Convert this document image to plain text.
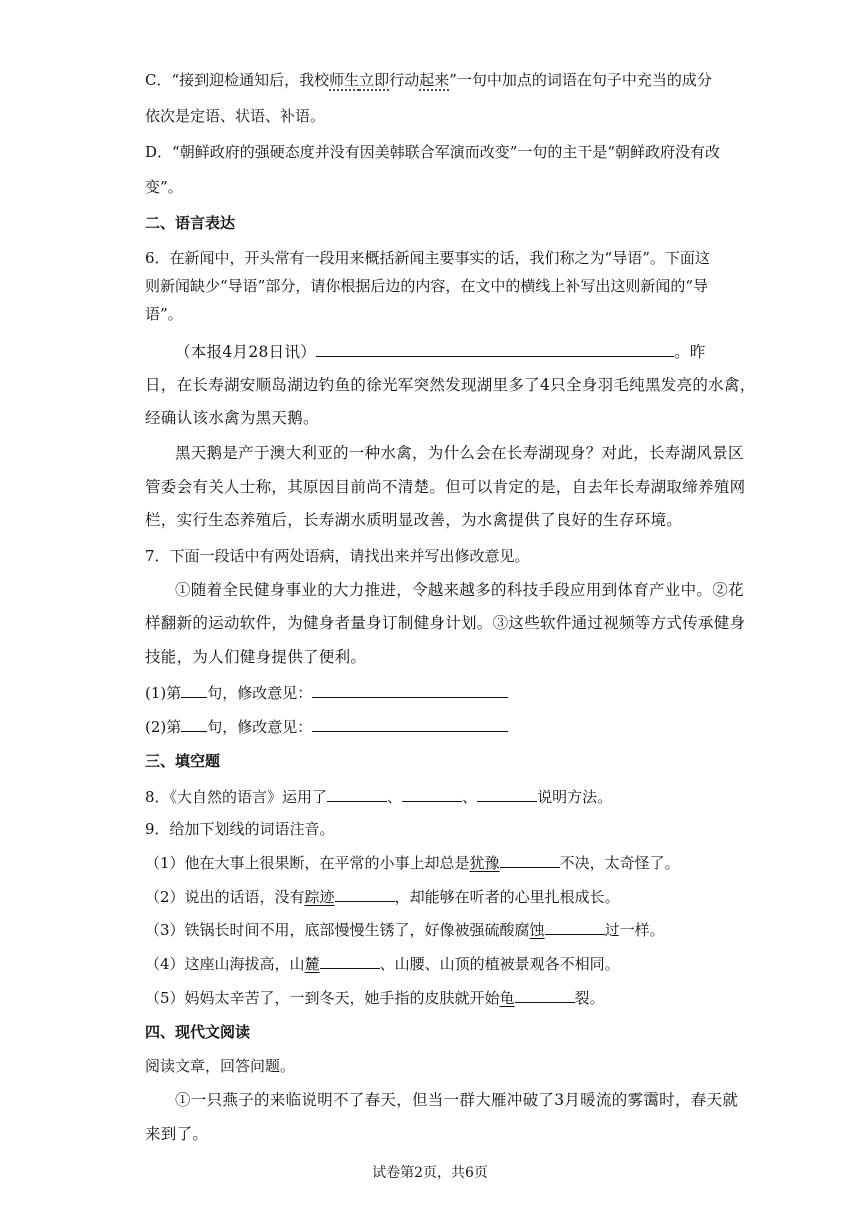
C．“接到迎检通知后，我校师生立即行动起来”一句中加点的词语在句子中充当的成分
依次是定语、状语、补语。
D．“朝鲜政府的强硬态度并没有因美韩联合军演而改变”一句的主干是“朝鲜政府没有改
变”。
二、语言表达
6．在新闻中，开头常有一段用来概括新闻主要事实的话，我们称之为“导语”。下面这
则新闻缺少“导语”部分，请你根据后边的内容，在文中的横线上补写出这则新闻的“导
语”。
（本报4月28日讯）	。昨
日，在长寿湖安顺岛湖边钓鱼的徐光军突然发现湖里多了4只全身羽毛纯黑发亮的水禽，
经确认该水禽为黑天鹅。
黑天鹅是产于澳大利亚的一种水禽，为什么会在长寿湖现身？对此，长寿湖风景区
管委会有关人士称，其原因目前尚不清楚。但可以肯定的是，自去年长寿湖取缔养殖网
栏，实行生态养殖后，长寿湖水质明显改善，为水禽提供了良好的生存环境。
7．下面一段话中有两处语病，请找出来并写出修改意见。
①随着全民健身事业的大力推进，令越来越多的科技手段应用到体育产业中。②花
样翻新的运动软件，为健身者量身订制健身计划。③这些软件通过视频等方式传承健身
技能，为人们健身提供了便利。
(1)第 句，修改意见：
(2)第 句，修改意见：
三、填空题
8．《大自然的语言》运用了	、	、	说明方法。
9．给加下划线的词语注音。
（1）他在大事上很果断，在平常的小事上却总是犹豫	不决，太奇怪了。
（2）说出的话语，没有踪迹	，却能够在听者的心里扎根成长。
（3）铁锅长时间不用，底部慢慢生锈了，好像被强硫酸腐蚀	过一样。
（4）这座山海拔高，山麓	、山腰、山顶的植被景观各不相同。
（5）妈妈太辛苦了，一到冬天，她手指的皮肤就开始龟	裂。
四、现代文阅读
阅读文章，回答问题。
①一只燕子的来临说明不了春天，但当一群大雁冲破了3月暖流的雾霭时，春天就
来到了。
试卷第2页，共6页
